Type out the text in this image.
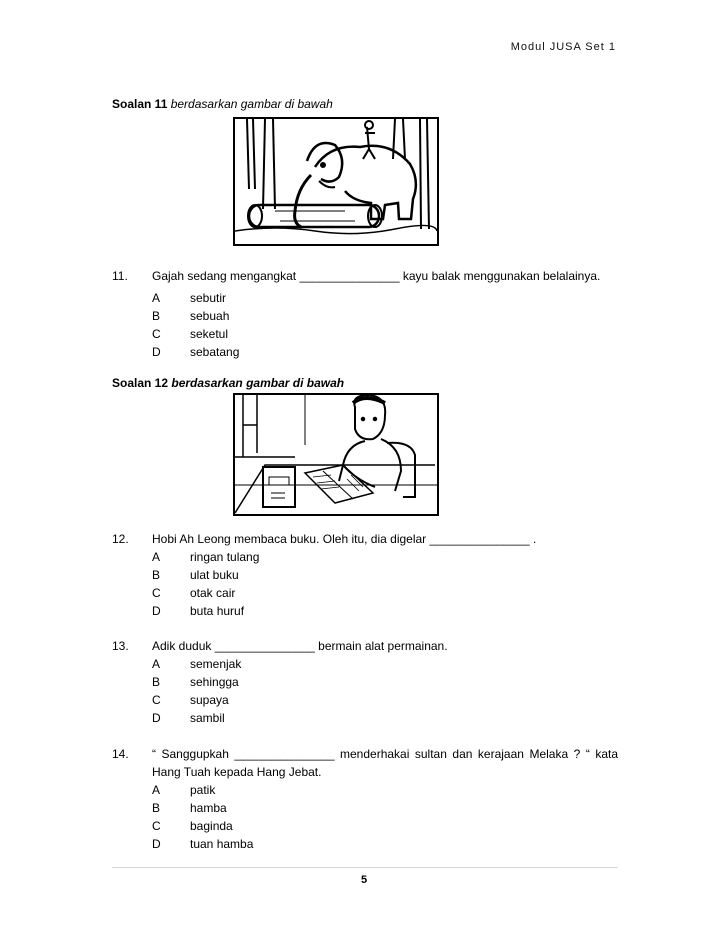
Modul JUSA Set 1
Soalan 11 berdasarkan gambar di bawah
11. Gajah sedang mengangkat _______________ kayu balak menggunakan belalainya.
A sebutir
B sebuah
C seketul
D sebatang
Soalan 12 berdasarkan gambar di bawah
12. Hobi Ah Leong membaca buku. Oleh itu, dia digelar _______________ .
A ringan tulang
B ulat buku
C otak cair
D buta huruf
13. Adik duduk _______________ bermain alat permainan.
A semenjak
B sehingga
C supaya
D sambil
14. “ Sanggupkah _______________ menderhakai sultan dan kerajaan Melaka ? “ kata Hang Tuah kepada Hang Jebat.
A patik
B hamba
C baginda
D tuan hamba
5
